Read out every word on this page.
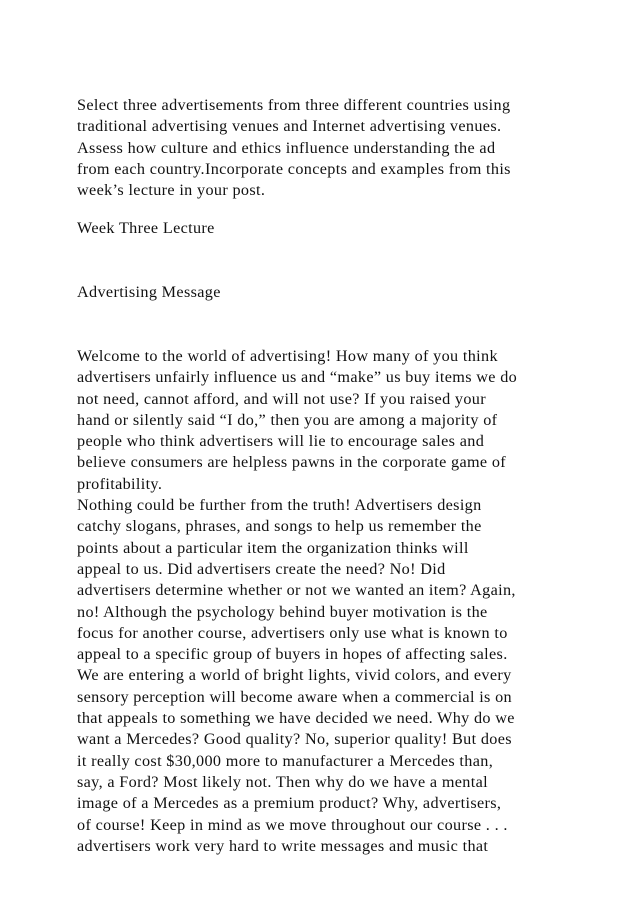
Select three advertisements from three different countries using
traditional advertising venues and Internet advertising venues.
Assess how culture and ethics influence understanding the ad
from each country.Incorporate concepts and examples from this
week’s lecture in your post.
Week Three Lecture
Advertising Message
Welcome to the world of advertising! How many of you think
advertisers unfairly influence us and “make” us buy items we do
not need, cannot afford, and will not use? If you raised your
hand or silently said “I do,” then you are among a majority of
people who think advertisers will lie to encourage sales and
believe consumers are helpless pawns in the corporate game of
profitability.
Nothing could be further from the truth! Advertisers design
catchy slogans, phrases, and songs to help us remember the
points about a particular item the organization thinks will
appeal to us. Did advertisers create the need? No! Did
advertisers determine whether or not we wanted an item? Again,
no! Although the psychology behind buyer motivation is the
focus for another course, advertisers only use what is known to
appeal to a specific group of buyers in hopes of affecting sales.
We are entering a world of bright lights, vivid colors, and every
sensory perception will become aware when a commercial is on
that appeals to something we have decided we need. Why do we
want a Mercedes? Good quality? No, superior quality! But does
it really cost $30,000 more to manufacturer a Mercedes than,
say, a Ford? Most likely not. Then why do we have a mental
image of a Mercedes as a premium product? Why, advertisers,
of course! Keep in mind as we move throughout our course . . .
advertisers work very hard to write messages and music that
